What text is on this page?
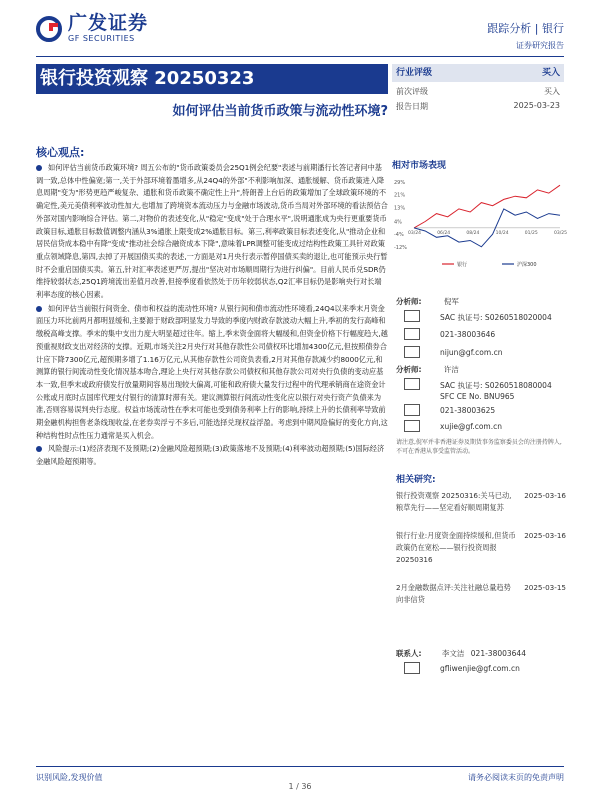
广发证券
GF SECURITIES
跟踪分析 | 银行
证券研究报告
银行投资观察 20250323
如何评估当前货币政策与流动性环境?
行业评级	买入
前次评级	买入
报告日期	2025-03-23
核心观点:

如何评估当前货币政策环境? 周五公布的"货币政策委员会25Q1例会纪要"表述与前期潘行长答记者问中基调一致,总体中性偏宽;第一,关于外部环境着墨增多,从24Q4的外部"不利影响加深、通胀缓解、货币政策进入降息周期"变为"形势更趋严峻复杂、通胀和货币政策不确定性上升",特朗普上台后的政策增加了全球政策环境的不确定性,美元美债利率波动性加大,也增加了跨境资本流动压力与金融市场波动,货币当局对外部环境的看法预估合外部对国内影响综合评估。第二,对物价的表述变化,从"稳定"变成"处于合理水平",说明通胀成为央行更重要货币政策目标,通胀目标数值调整内涵从3%通胀上限变成2%通胀目标。第三,利率政策目标表述变化,从"推动企业和居民信贷成本稳中有降"变成"推动社会综合融资成本下降",意味着LPR调整可能变成过结构性政策工具针对政策重点领域降息,第四,去掉了开展国债买卖的表述,一方面是对1月央行表示暂停国债买卖的退让,也可能预示央行暂时不会重启国债买卖。第五,针对汇率表述更严厉,提出"坚决对市场顺周期行为进行纠偏"。目前人民币兑SDR仍维持较弱状态,25Q1跨境流出差值月改善,但接季度看依然处于历年较弱状态,Q2汇率目标仍是影响央行对长端利率态度的核心因素。

如何评估当前银行间资金、债市和权益的流动性环境? 从银行间和债市流动性环境看,24Q4以来季末月资金面压力环比前两月都明显缓和,主要源于财政部明显发力导致的季度内财政存款波动大幅上升,季初的发行高峰和缴税高峰支撑。季末的集中支出力度大明显超过往年。缩上,季末资金面将大幅缓和,但资金价格下行幅度趋大,越预重视财政支出对经济的支撑。近期,市场关注2月央行对其他存款性公司债权环比增加4300亿元,但按照债券合计应下降7300亿元,超预期多增了1.16万亿元,从其他存款性公司资负表看,2月对其他存款减少约8000亿元,和测算的银行间流动性变化情况基本吻合,理论上央行对其他存款公司债权和其他存款公司对央行负债的变动应基本一致,但季末或政府债发行放量期间容易出现较大偏离,可能和政府债大量发行过程中的代理承销商在途资金计公账或月底时点国库代理支付银行的清算时滞有关。建议测算银行间流动性变化应以银行对央行资产负债来为准,否则容易误判央行态度。权益市场流动性在季末可能也受到债务利率上行的影响,持续上升的长债利率导致前期金融机构担售老条线现收益,在老券卖浮亏不多后,可能选择兑现权益浮盈。考虑到中期风险偏好的变化方向,这种结构性时点性压力通常是买入机会。

风险提示:(1)经济表现不及预期;(2)金融风险超预期;(3)政策落地不及预期;(4)利率波动超预期;(5)国际经济金融风险超预期等。

相对市场表现
29%
21%
13%
4%
-4%
-12%
03/24	06/24	08/24	10/24	01/25	03/25
银行	沪深300
分析师:	倪军
SAC 执证号: S0260518020004
021-38003646
nijun@gf.com.cn
分析师:	许洁
SAC 执证号: S0260518080004
SFC CE No. BNU965
021-38003625
xujie@gf.com.cn
请注意,倪军并非香港证券及期货事务监察委员会的注册持牌人,不可在香港从事受监管活动。
相关研究:
银行投资观察 20250316:关马已动,粮草先行——坚定看好顺周期复苏
2025-03-16
银行行业:月度资金面持续缓和,但货币政策仍在宽松——银行投资周报 20250316
2025-03-16
2月金融数据点评:关注社融总量趋势向非信贷
2025-03-15
联系人:	李文洁 021-38003644
gfliwenjie@gf.com.cn
识别风险,发现价值	请务必阅读末页的免责声明
1 / 36
